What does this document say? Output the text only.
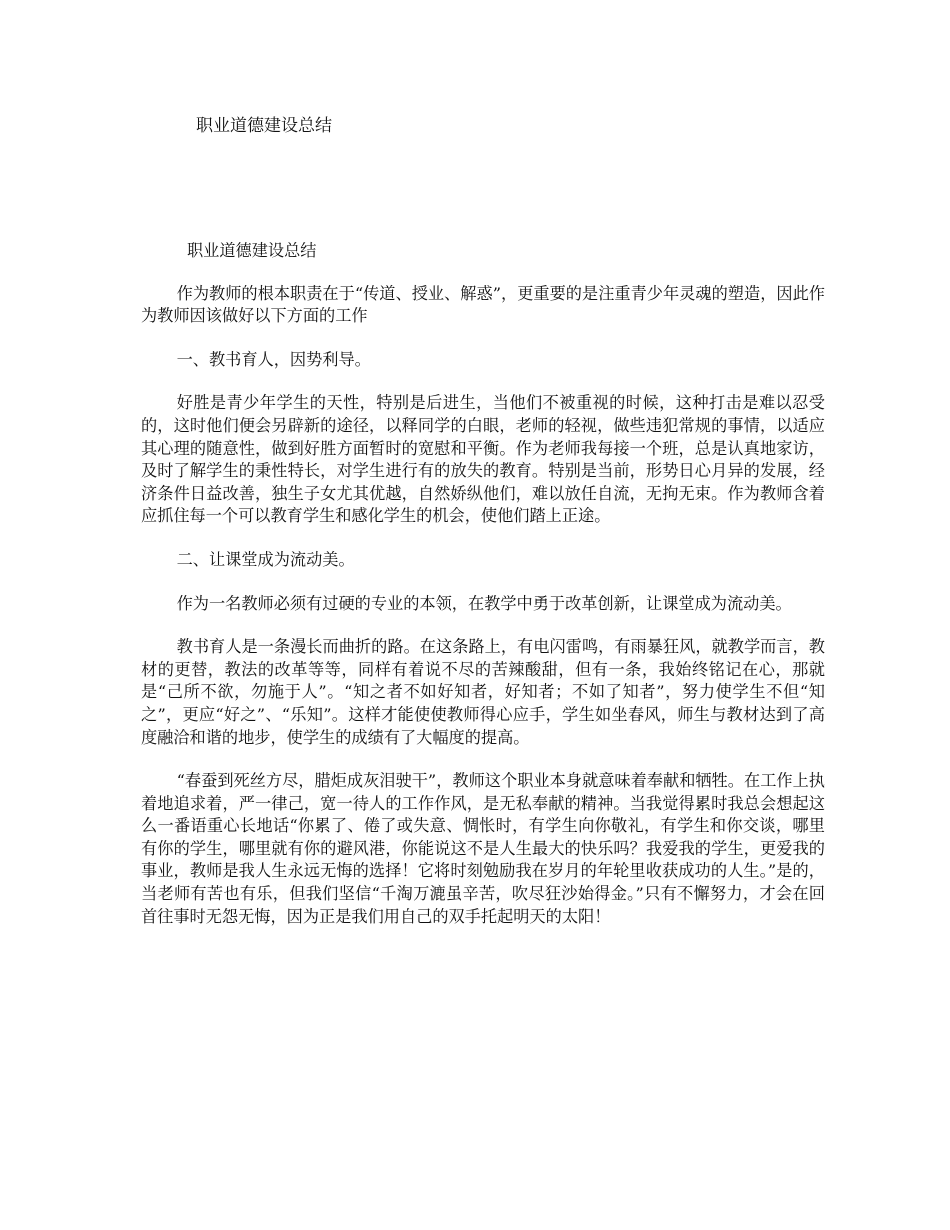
职业道德建设总结
职业道德建设总结

作为教师的根本职责在于“传道、授业、解惑”，更重要的是注重青少年灵魂的塑造，因此作为教师因该做好以下方面的工作

一、教书育人，因势利导。

好胜是青少年学生的天性，特别是后进生，当他们不被重视的时候，这种打击是难以忍受的，这时他们便会另辟新的途径，以释同学的白眼，老师的轻视，做些违犯常规的事情，以适应其心理的随意性，做到好胜方面暂时的宽慰和平衡。作为老师我每接一个班，总是认真地家访，及时了解学生的秉性特长，对学生进行有的放失的教育。特别是当前，形势日心月异的发展，经济条件日益改善，独生子女尤其优越，自然娇纵他们，难以放任自流，无拘无束。作为教师含着应抓住每一个可以教育学生和感化学生的机会，使他们踏上正途。

二、让课堂成为流动美。

作为一名教师必须有过硬的专业的本领，在教学中勇于改革创新，让课堂成为流动美。

教书育人是一条漫长而曲折的路。在这条路上，有电闪雷鸣，有雨暴狂风，就教学而言，教材的更替，教法的改革等等，同样有着说不尽的苦辣酸甜，但有一条，我始终铭记在心，那就是“己所不欲，勿施于人”。“知之者不如好知者，好知者；不如了知者”，努力使学生不但“知之”，更应“好之”、“乐知”。这样才能使使教师得心应手，学生如坐春风，师生与教材达到了高度融洽和谐的地步，使学生的成绩有了大幅度的提高。

“春蚕到死丝方尽，腊炬成灰泪驶干”，教师这个职业本身就意味着奉献和牺牲。在工作上执着地追求着，严一律己，宽一待人的工作作风，是无私奉献的精神。当我觉得累时我总会想起这么一番语重心长地话“你累了、倦了或失意、惆怅时，有学生向你敬礼，有学生和你交谈，哪里有你的学生，哪里就有你的避风港，你能说这不是人生最大的快乐吗？我爱我的学生，更爱我的事业，教师是我人生永远无悔的选择！它将时刻勉励我在岁月的年轮里收获成功的人生。”是的，当老师有苦也有乐，但我们坚信“千淘万漉虽辛苦，吹尽狂沙始得金。”只有不懈努力，才会在回首往事时无怨无悔，因为正是我们用自己的双手托起明天的太阳！
